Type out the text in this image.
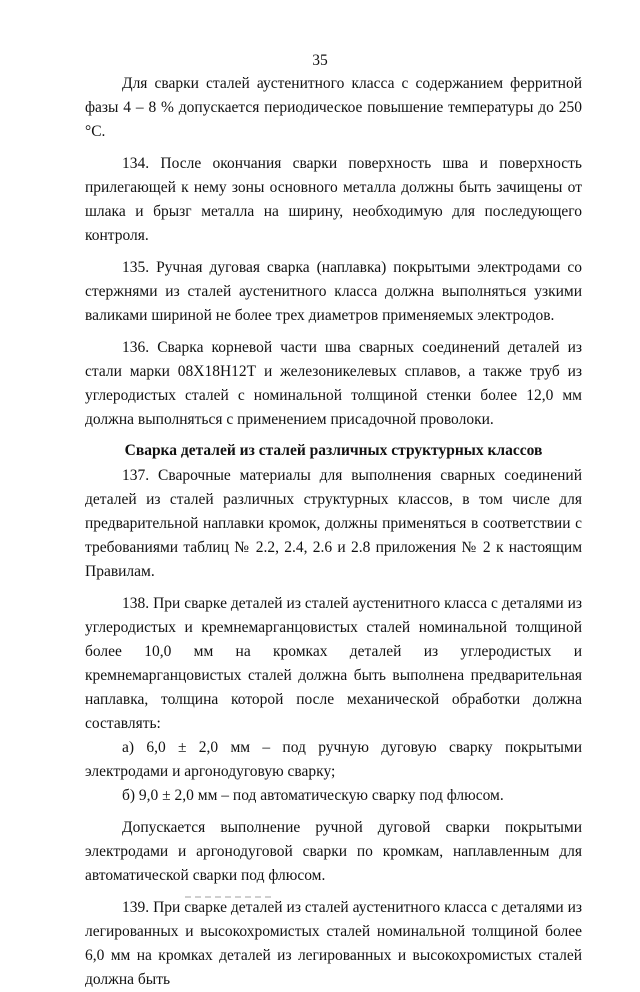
35

Для сварки сталей аустенитного класса с содержанием ферритной фазы 4 – 8 % допускается периодическое повышение температуры до 250 °С.

134. После окончания сварки поверхность шва и поверхность прилегающей к нему зоны основного металла должны быть зачищены от шлака и брызг металла на ширину, необходимую для последующего контроля.

135. Ручная дуговая сварка (наплавка) покрытыми электродами со стержнями из сталей аустенитного класса должна выполняться узкими валиками шириной не более трех диаметров применяемых электродов.

136. Сварка корневой части шва сварных соединений деталей из стали марки 08Х18Н12Т и железоникелевых сплавов, а также труб из углеродистых сталей с номинальной толщиной стенки более 12,0 мм должна выполняться с применением присадочной проволоки.

Сварка деталей из сталей различных структурных классов

137. Сварочные материалы для выполнения сварных соединений деталей из сталей различных структурных классов, в том числе для предварительной наплавки кромок, должны применяться в соответствии с требованиями таблиц № 2.2, 2.4, 2.6 и 2.8 приложения № 2 к настоящим Правилам.

138. При сварке деталей из сталей аустенитного класса с деталями из углеродистых и кремнемарганцовистых сталей номинальной толщиной более 10,0 мм на кромках деталей из углеродистых и кремнемарганцовистых сталей должна быть выполнена предварительная наплавка, толщина которой после механической обработки должна составлять:

а) 6,0 ± 2,0 мм – под ручную дуговую сварку покрытыми электродами и аргонодуговую сварку;

б) 9,0 ± 2,0 мм – под автоматическую сварку под флюсом.

Допускается выполнение ручной дуговой сварки покрытыми электродами и аргонодуговой сварки по кромкам, наплавленным для автоматической сварки под флюсом.

139. При сварке деталей из сталей аустенитного класса с деталями из легированных и высокохромистых сталей номинальной толщиной более 6,0 мм на кромках деталей из легированных и высокохромистых сталей должна быть
